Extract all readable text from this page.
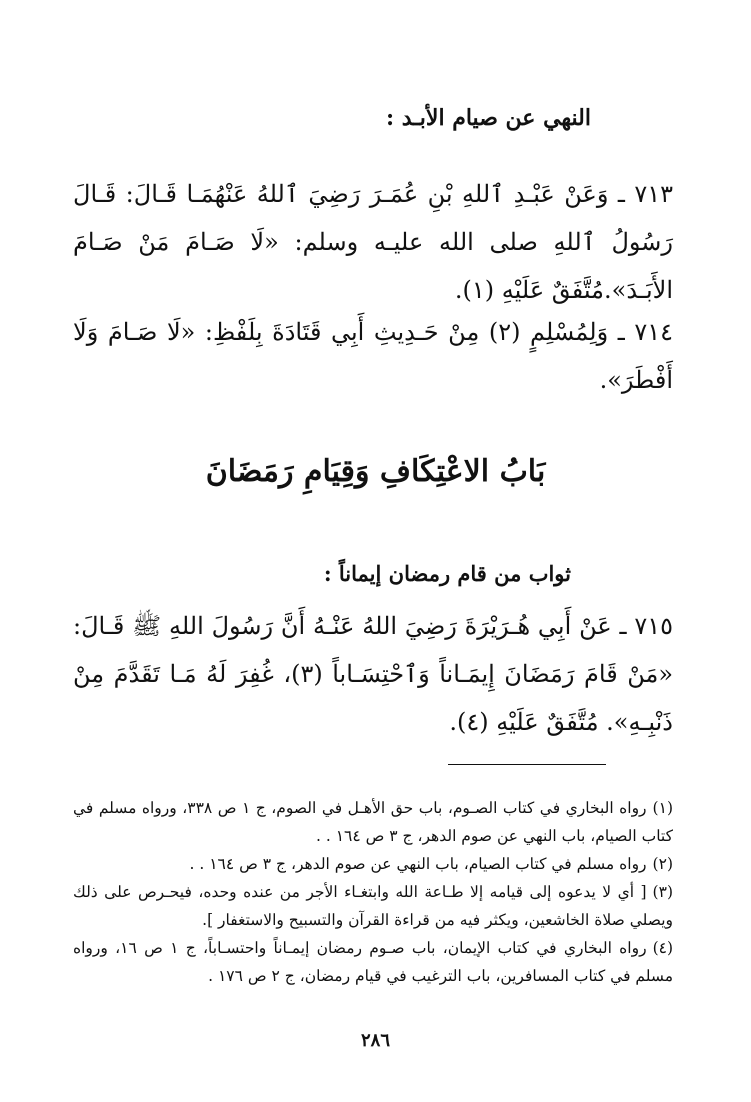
النهي عن صيام الأبـد :
٧١٣ ـ وَعَنْ عَبْـدِ ٱللهِ بْنِ عُمَـرَ رَضِيَ ٱللهُ عَنْهُمَـا قَـالَ: قَـالَ رَسُولُ ٱللهِ صلى الله عليـه وسلم: «لَا صَـامَ مَنْ صَـامَ الأَبَـدَ».مُتَّفَقٌ عَلَيْهِ (١).
٧١٤ ـ وَلِمُسْلِمٍ (٢) مِنْ حَـدِيثِ أَبِي قَتَادَةَ بِلَفْظِ: «لَا صَـامَ وَلَا أَفْطَرَ».
بَابُ الاعْتِكَافِ وَقِيَامِ رَمَضَانَ
ثواب من قام رمضان إيماناً :
٧١٥ ـ عَنْ أَبِي هُـرَيْرَةَ رَضِيَ اللهُ عَنْـهُ أَنَّ رَسُولَ اللهِ ﷺ قَـالَ: «مَنْ قَامَ رَمَضَانَ إِيمَـاناً وَٱحْتِسَـاباً (٣)، غُفِرَ لَهُ مَـا تَقَدَّمَ مِنْ ذَنْبِـهِ». مُتَّفَقٌ عَلَيْهِ (٤).

(١)رواه البخاري في كتاب الصـوم، باب حق الأهـل في الصوم، ج ١ ص ٣٣٨، ورواه مسلم في كتاب الصيام، باب النهي عن صوم الدهر، ج ٣ ص ١٦٤ . .

(٢)رواه مسلم في كتاب الصيام، باب النهي عن صوم الدهر، ج ٣ ص ١٦٤ . .

(٣)[ أي لا يدعوه إلى قيامه إلا طـاعة الله وابتغـاء الأجر من عنده وحده، فيحـرص على ذلك ويصلي صلاة الخاشعين، ويكثر فيه من قراءة القرآن والتسبيح والاستغفار ].

(٤)رواه البخاري في كتاب الإيمان، باب صـوم رمضان إيمـاناً واحتسـاباً، ج ١ ص ١٦، ورواه مسلم في كتاب المسافرين، باب الترغيب في قيام رمضان، ج ٢ ص ١٧٦ .

٢٨٦
